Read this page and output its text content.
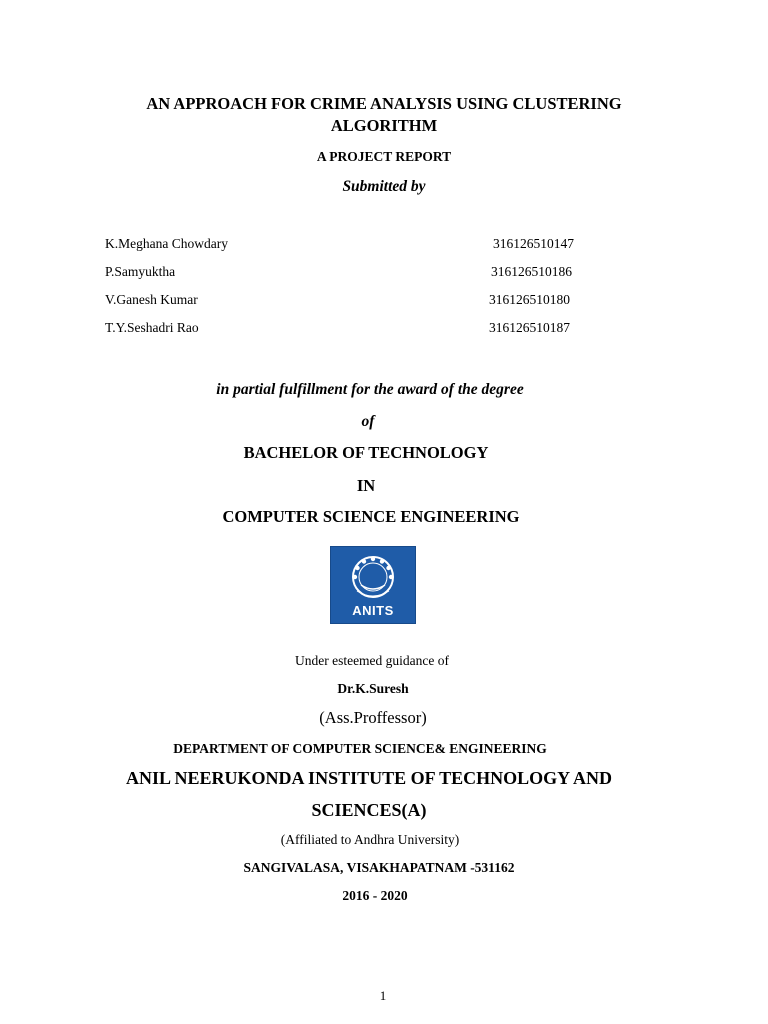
AN APPROACH FOR CRIME ANALYSIS USING CLUSTERING
ALGORITHM
A PROJECT REPORT
Submitted by
K.Meghana Chowdary	316126510147
P.Samyuktha	316126510186
V.Ganesh Kumar	316126510180
T.Y.Seshadri Rao	316126510187
in partial fulfillment for the award of the degree
of
BACHELOR OF TECHNOLOGY
IN
COMPUTER SCIENCE ENGINEERING
ANITS
Under esteemed guidance of
Dr.K.Suresh
(Ass.Proffessor)
DEPARTMENT OF COMPUTER SCIENCE& ENGINEERING
ANIL NEERUKONDA INSTITUTE OF TECHNOLOGY AND
SCIENCES(A)
(Affiliated to Andhra University)
SANGIVALASA, VISAKHAPATNAM -531162
2016 - 2020
1
